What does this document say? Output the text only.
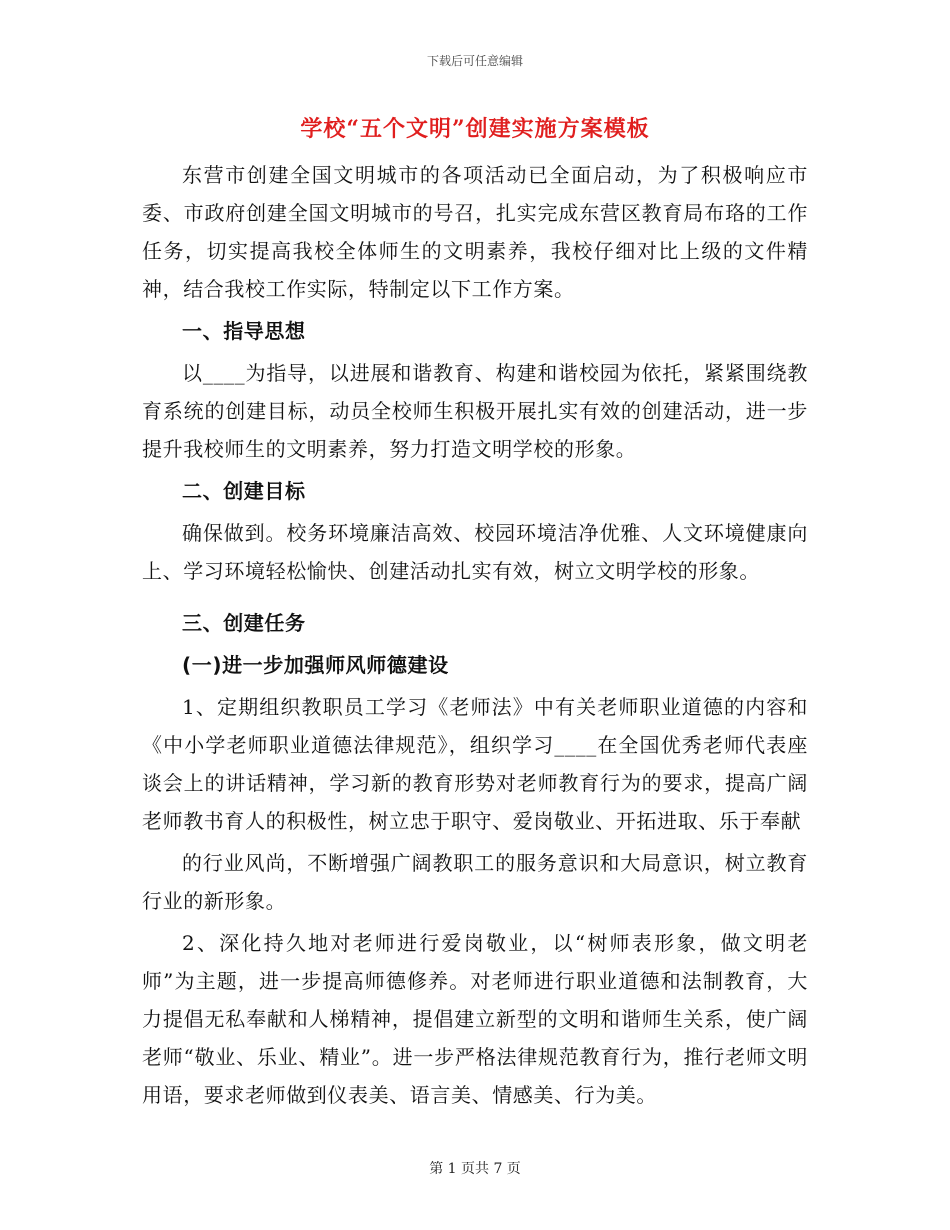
下载后可任意编辑
学校“五个文明”创建实施方案模板

东营市创建全国文明城市的各项活动已全面启动，为了积极响应市委、市政府创建全国文明城市的号召，扎实完成东营区教育局布珞的工作任务，切实提高我校全体师生的文明素养，我校仔细对比上级的文件精神，结合我校工作实际，特制定以下工作方案。

一、指导思想

以____为指导，以进展和谐教育、构建和谐校园为依托，紧紧围绕教育系统的创建目标，动员全校师生积极开展扎实有效的创建活动，进一步提升我校师生的文明素养，努力打造文明学校的形象。

二、创建目标

确保做到。校务环境廉洁高效、校园环境洁净优雅、人文环境健康向上、学习环境轻松愉快、创建活动扎实有效，树立文明学校的形象。

三、创建任务

(一)进一步加强师风师德建设

1、定期组织教职员工学习《老师法》中有关老师职业道德的内容和《中小学老师职业道德法律规范》，组织学习____在全国优秀老师代表座谈会上的讲话精神，学习新的教育形势对老师教育行为的要求，提高广阔老师教书育人的积极性，树立忠于职守、爱岗敬业、开拓进取、乐于奉献

的行业风尚，不断增强广阔教职工的服务意识和大局意识，树立教育行业的新形象。

2、深化持久地对老师进行爱岗敬业，以“树师表形象，做文明老师”为主题，进一步提高师德修养。对老师进行职业道德和法制教育，大力提倡无私奉献和人梯精神，提倡建立新型的文明和谐师生关系，使广阔老师“敬业、乐业、精业”。进一步严格法律规范教育行为，推行老师文明用语，要求老师做到仪表美、语言美、情感美、行为美。

第 1 页共 7 页
